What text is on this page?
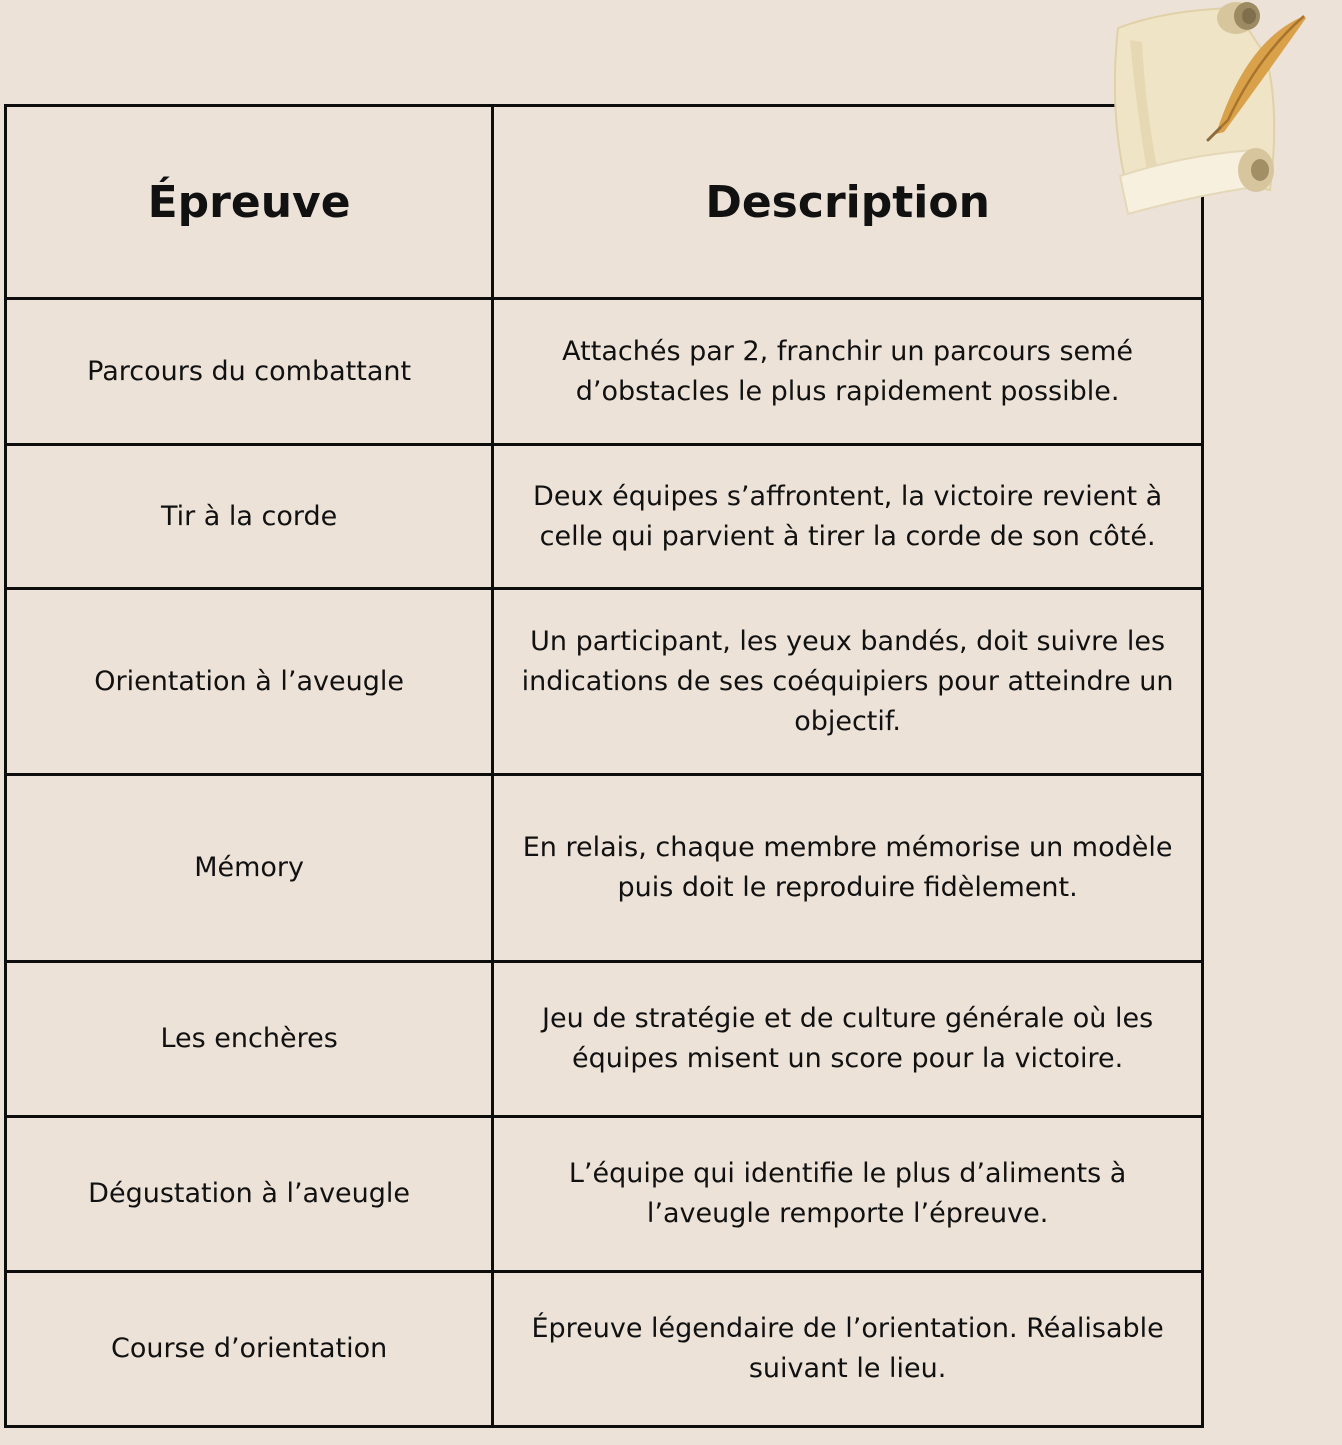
Épreuve	Description
Parcours du combattant	Attachés par 2, franchir un parcours semé d’obstacles le plus rapidement possible.
Tir à la corde	Deux équipes s’affrontent, la victoire revient à celle qui parvient à tirer la corde de son côté.
Orientation à l’aveugle	Un participant, les yeux bandés, doit suivre les indications de ses coéquipiers pour atteindre un objectif.
Mémory	En relais, chaque membre mémorise un modèle puis doit le reproduire fidèlement.
Les enchères	Jeu de stratégie et de culture générale où les équipes misent un score pour la victoire.
Dégustation à l’aveugle	L’équipe qui identifie le plus d’aliments à l’aveugle remporte l’épreuve.
Course d’orientation	Épreuve légendaire de l’orientation. Réalisable suivant le lieu.
